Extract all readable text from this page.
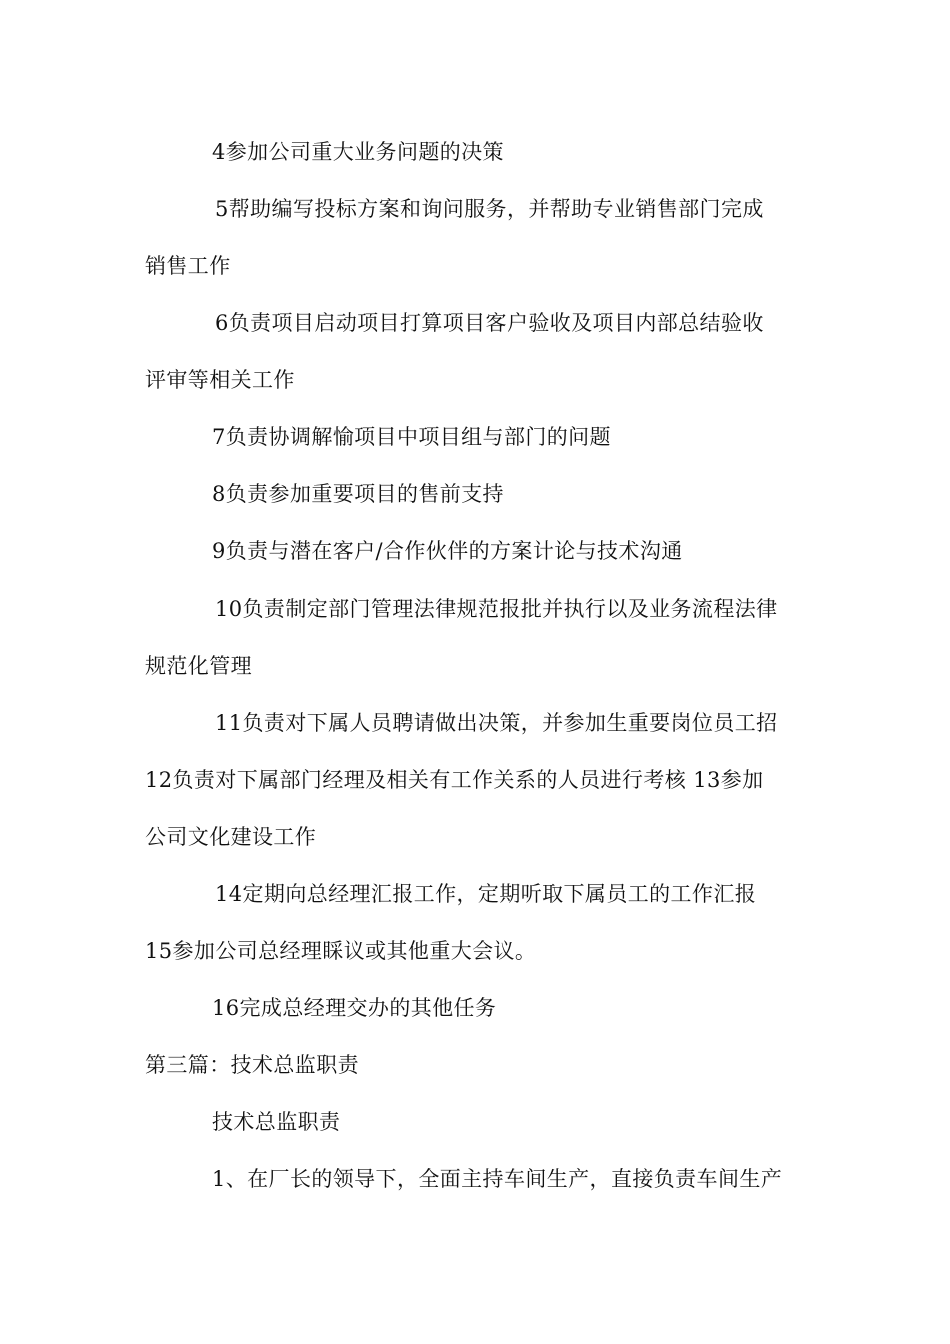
4参加公司重大业务问题的决策
5帮助编写投标方案和询问服务，并帮助专业销售部门完成
销售工作
6负责项目启动项目打算项目客户验收及项目内部总结验收
评审等相关工作
7负责协调解愉项目中项目组与部门的问题
8负责参加重要项目的售前支持
9负责与潜在客户/合作伙伴的方案计论与技术沟通
10负责制定部门管理法律规范报批并执行以及业务流程法律
规范化管理
11负责对下属人员聘请做出决策，并参加生重要岗位员工招
12负责对下属部门经理及相关有工作关系的人员进行考核 13参加
公司文化建设工作
14定期向总经理汇报工作，定期听取下属员工的工作汇报
15参加公司总经理睬议或其他重大会议。
16完成总经理交办的其他任务
第三篇：技术总监职责
技术总监职责
1、在厂长的领导下，全面主持车间生产，直接负责车间生产
